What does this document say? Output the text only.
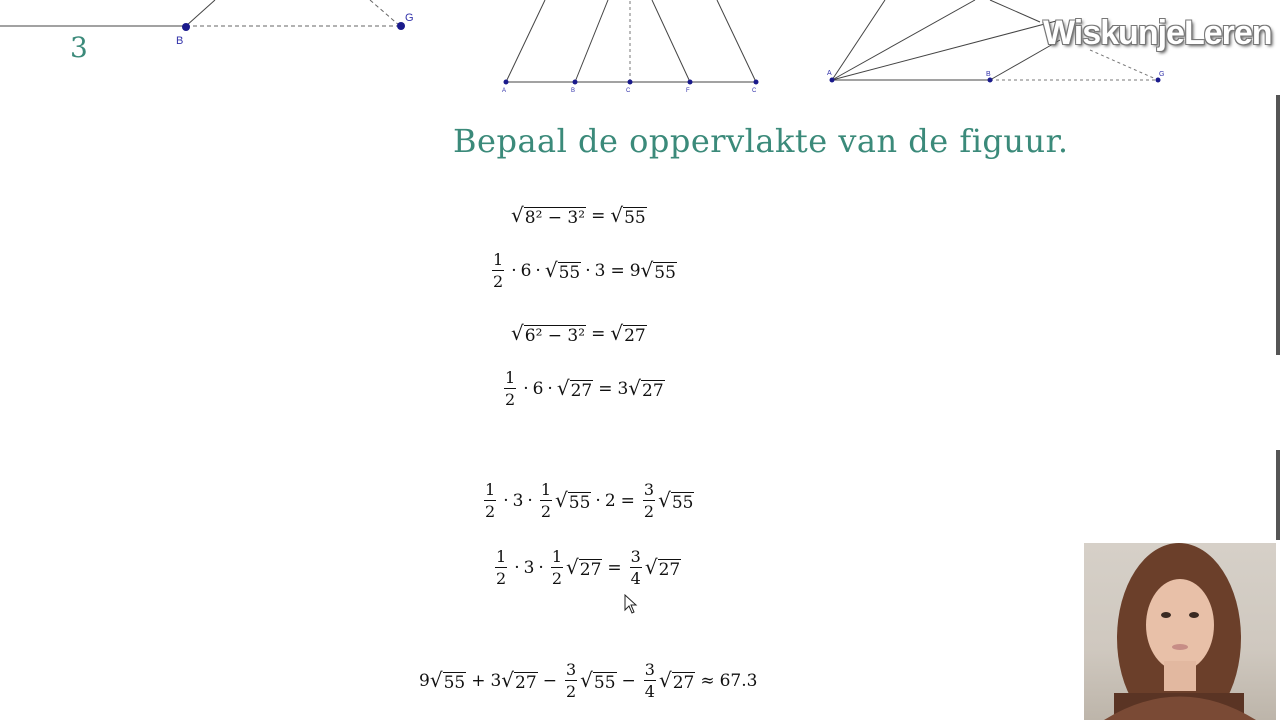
B
G
3
A	B	C	F	C
A	B	G
WiskunjeLeren
Bepaal de oppervlakte van de figuur.
√ 8² − 3² = √ 55
$\frac{1}{2} \cdot 6$ · √ 55 · 3 = 9 √ 55
√ 6² − 3² = √ 27
$\frac{1}{2} \cdot 6$ · √ 27 = 3 √ 27
$\frac{1}{2} \cdot 3 \cdot \frac{1}{2}$ √ $55 \cdot 2 = \frac{3}{2}$ √ 55
$\frac{1}{2} \cdot 3 \cdot \frac{1}{2}$ √ $27 = \frac{3}{4}$ √ 27
9 √ 55 + 3 √ $27 - \frac{3}{2}$ √ $55 - \frac{3}{4}$ √ 27 ≈ 67.3
